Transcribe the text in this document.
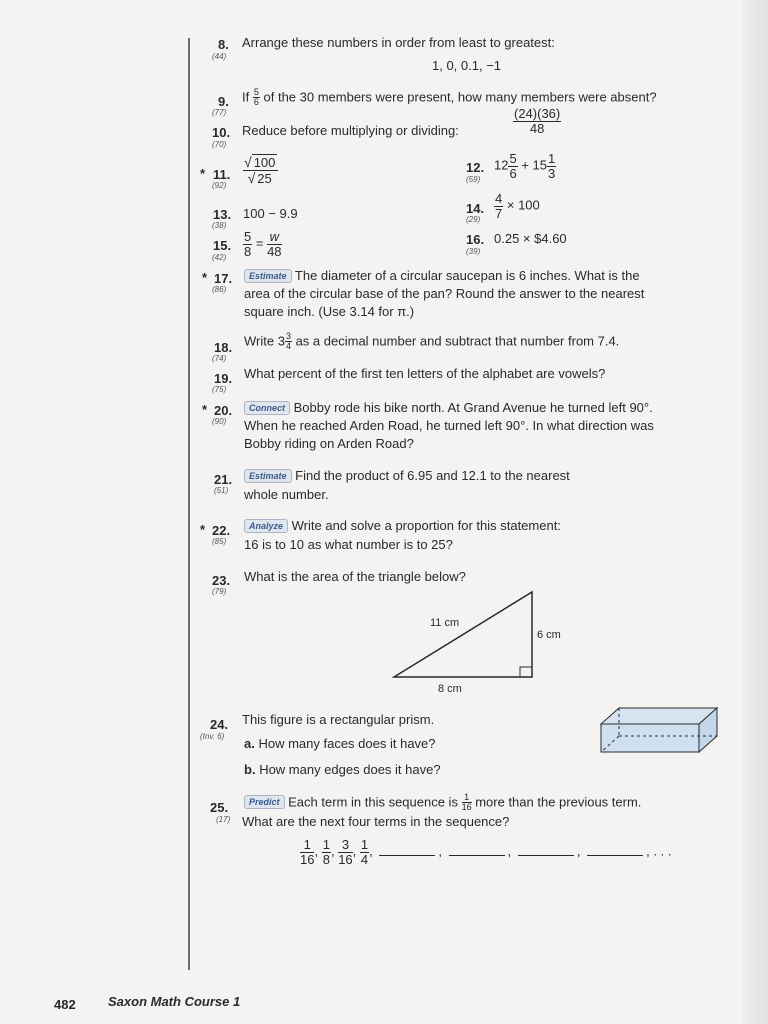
8.
(44)
Arrange these numbers in order from least to greatest:
1, 0, 0.1, −1
9.
(77)
If $\frac{5}{6}$ of the 30 members were present, how many members were absent?
10.
(70)
Reduce before multiplying or dividing:	$\frac{(24)(36)}{48}$
* 11.
(92)
$\frac{√ 100}{√ 25}$	12.
(59)
$12 \frac{5}{6} + 15 \frac{1}{3}$
13.
(38)
100 − 9.9	14.
$(29) \frac{4}{7} \times 100$
15.
$(42) \frac{5}{8} = \frac{w}{48}$	16.
(39)
0.25 × $4.60
* 17.
(86)
Estimate The diameter of a circular saucepan is 6 inches. What is the
area of the circular base of the pan? Round the answer to the nearest
square inch. (Use 3.14 for π.)
18.
(74)
Write $3 \frac{3}{4}$ as a decimal number and subtract that number from 7.4.
19.
(75)
What percent of the first ten letters of the alphabet are vowels?
* 20.
(90)
Connect Bobby rode his bike north. At Grand Avenue he turned left 90°.
When he reached Arden Road, he turned left 90°. In what direction was
Bobby riding on Arden Road?
21.
(51)
Estimate Find the product of 6.95 and 12.1 to the nearest
whole number.
* 22.
(85)
Analyze Write and solve a proportion for this statement:
16 is to 10 as what number is to 25?
23.
(79)
What is the area of the triangle below?
11 cm
6 cm
8 cm
24.
(Inv. 6)
This figure is a rectangular prism.
a. How many faces does it have?
b. How many edges does it have?
25.
(17)
Predict Each term in this sequence is $\frac{1}{16}$ more than the previous term.
What are the next four terms in the sequence?
$\frac{1}{16}$ , $\frac{1}{8}$ , $\frac{3}{16}$ , $\frac{1}{4}$ ,	,	,	,	, . . .
482 Saxon Math Course 1
